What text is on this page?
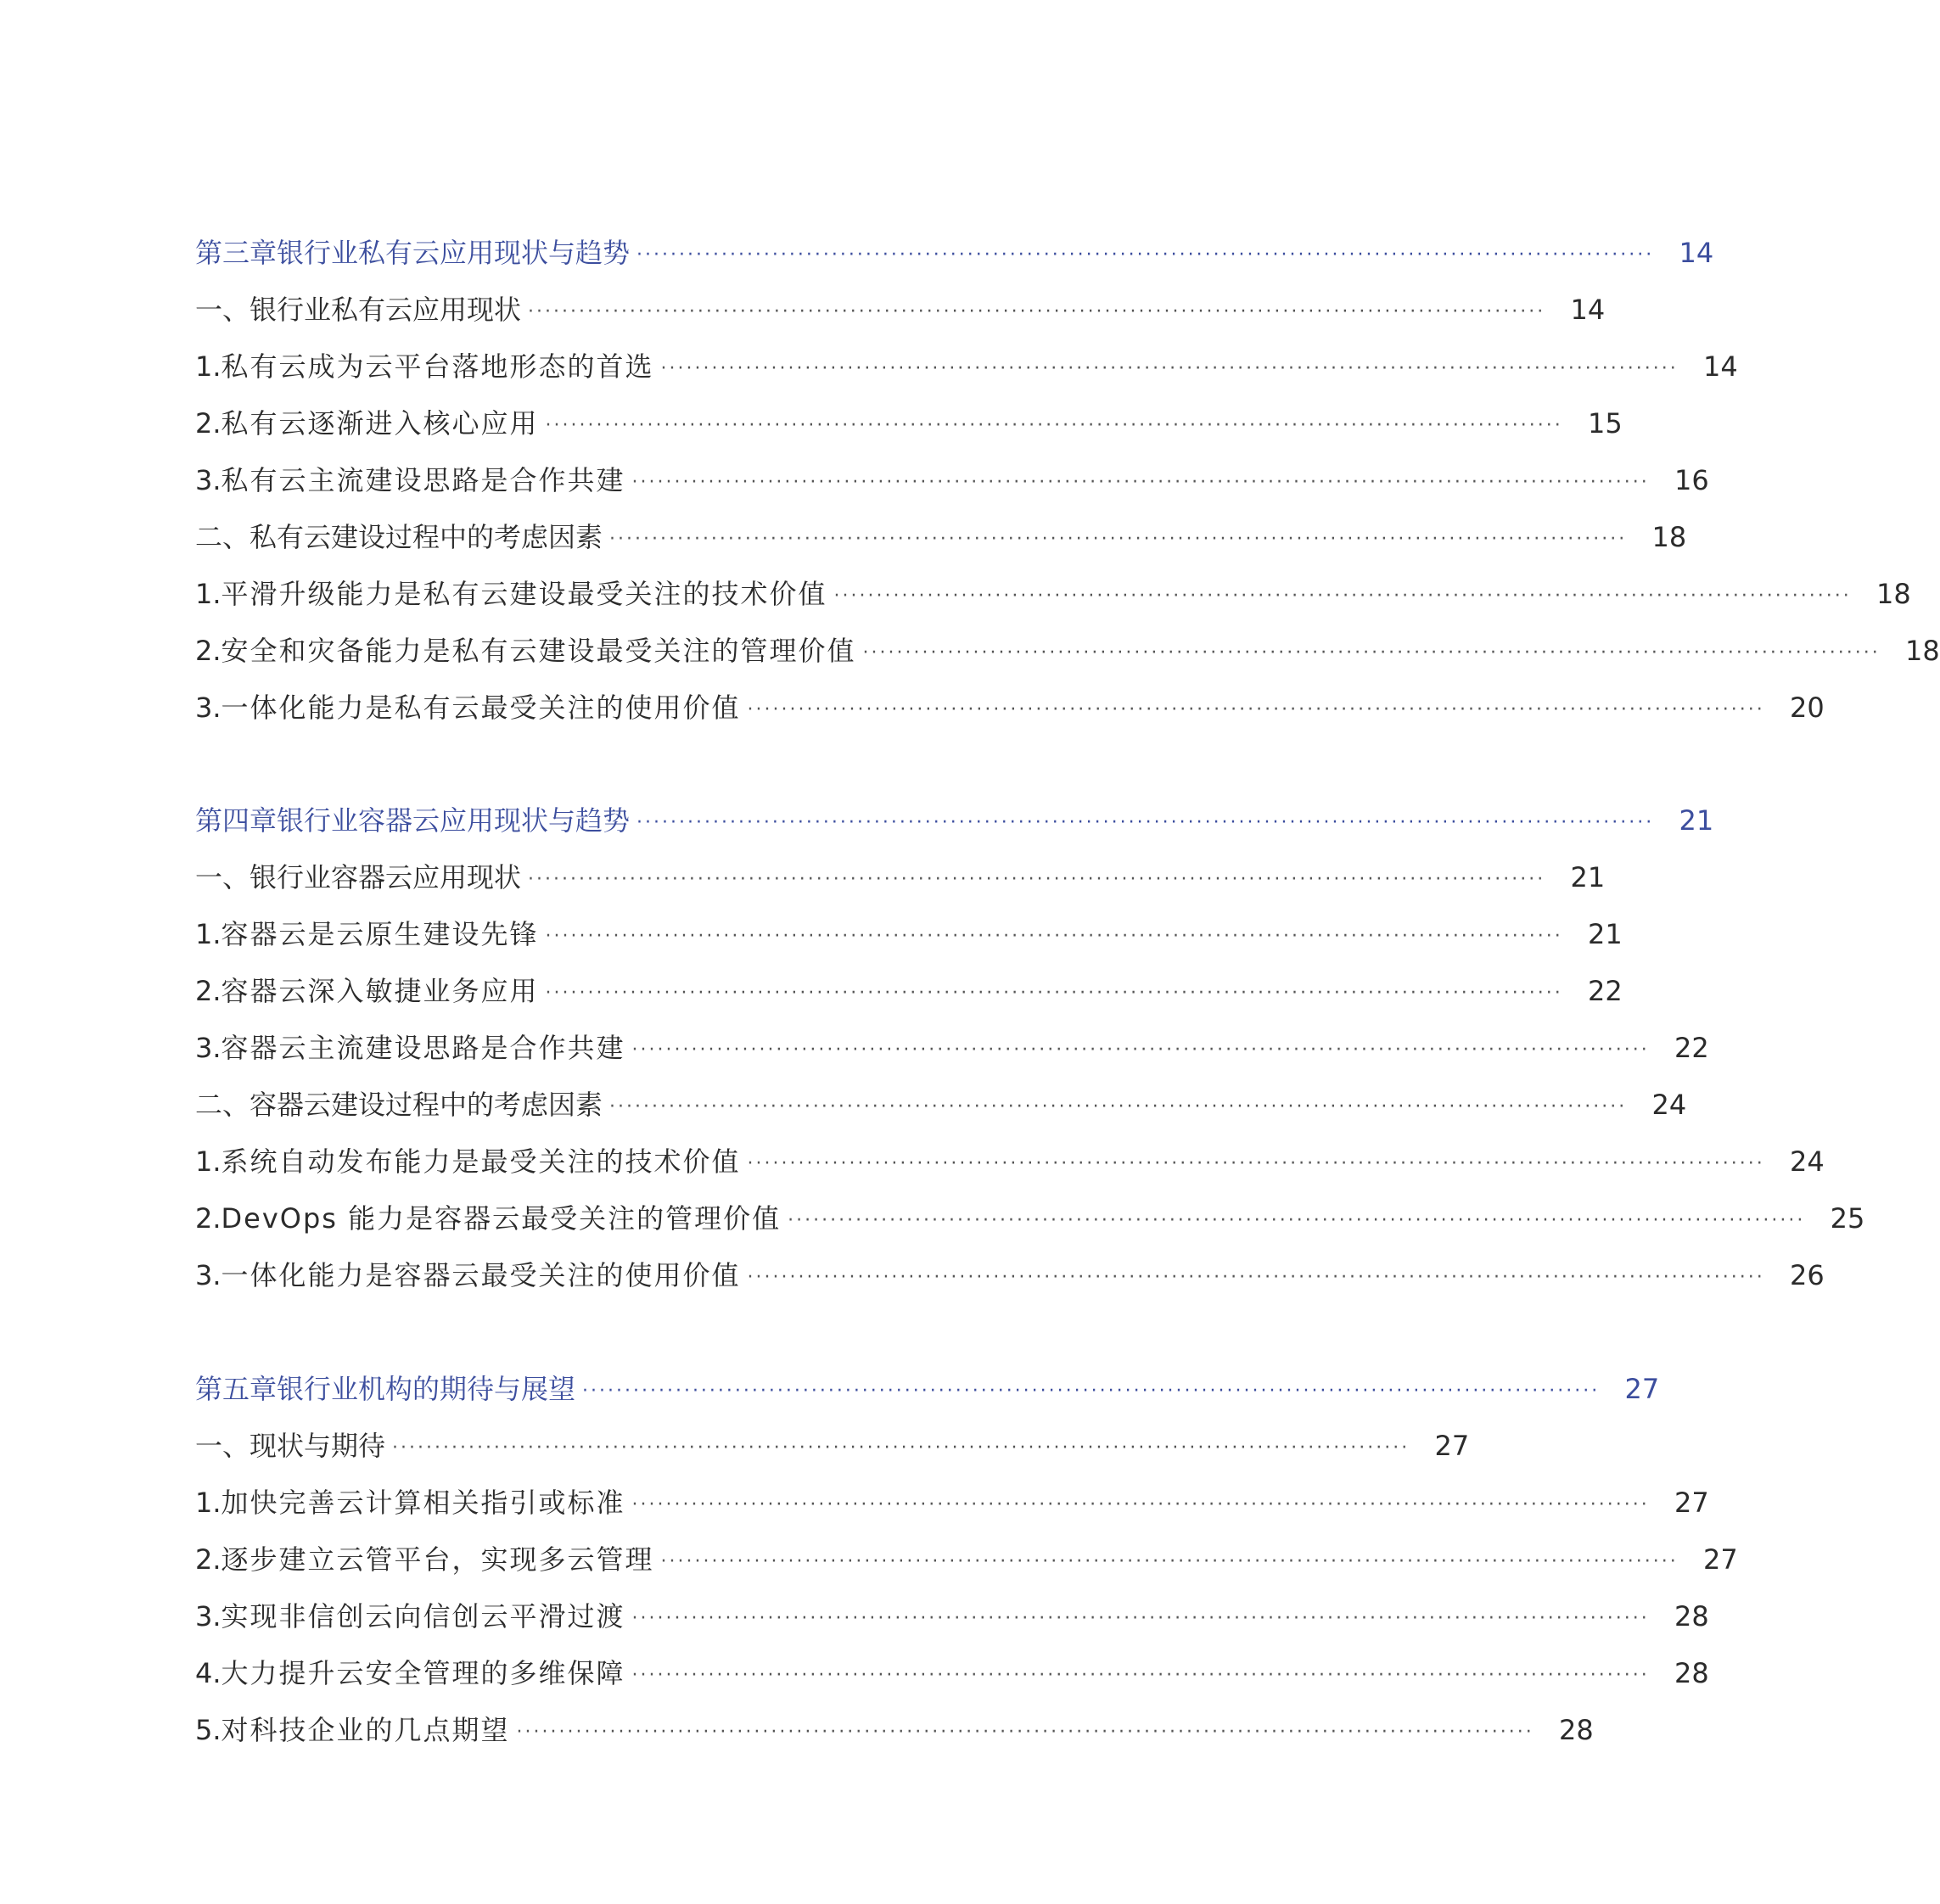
第三章 银行业私有云应用现状与趋势 ························································································································ 14
一、银行业私有云应用现状 ························································································································ 14
1. 私有云成为云平台落地形态的首选 ························································································································ 14
2. 私有云逐渐进入核心应用 ························································································································ 15
3. 私有云主流建设思路是合作共建 ························································································································ 16
二、私有云建设过程中的考虑因素 ························································································································ 18
1. 平滑升级能力是私有云建设最受关注的技术价值 ························································································································ 18
2. 安全和灾备能力是私有云建设最受关注的管理价值 ························································································································ 18
3. 一体化能力是私有云最受关注的使用价值 ························································································································ 20
第四章 银行业容器云应用现状与趋势 ························································································································ 21
一、银行业容器云应用现状 ························································································································ 21
1. 容器云是云原生建设先锋 ························································································································ 21
2. 容器云深入敏捷业务应用 ························································································································ 22
3. 容器云主流建设思路是合作共建 ························································································································ 22
二、容器云建设过程中的考虑因素 ························································································································ 24
1. 系统自动发布能力是最受关注的技术价值 ························································································································ 24
2. DevOps 能力是容器云最受关注的管理价值 ························································································································ 25
3. 一体化能力是容器云最受关注的使用价值 ························································································································ 26
第五章 银行业机构的期待与展望 ························································································································ 27
一、现状与期待 ························································································································ 27
1. 加快完善云计算相关指引或标准 ························································································································ 27
2. 逐步建立云管平台，实现多云管理 ························································································································ 27
3. 实现非信创云向信创云平滑过渡 ························································································································ 28
4. 大力提升云安全管理的多维保障 ························································································································ 28
5. 对科技企业的几点期望 ························································································································ 28
